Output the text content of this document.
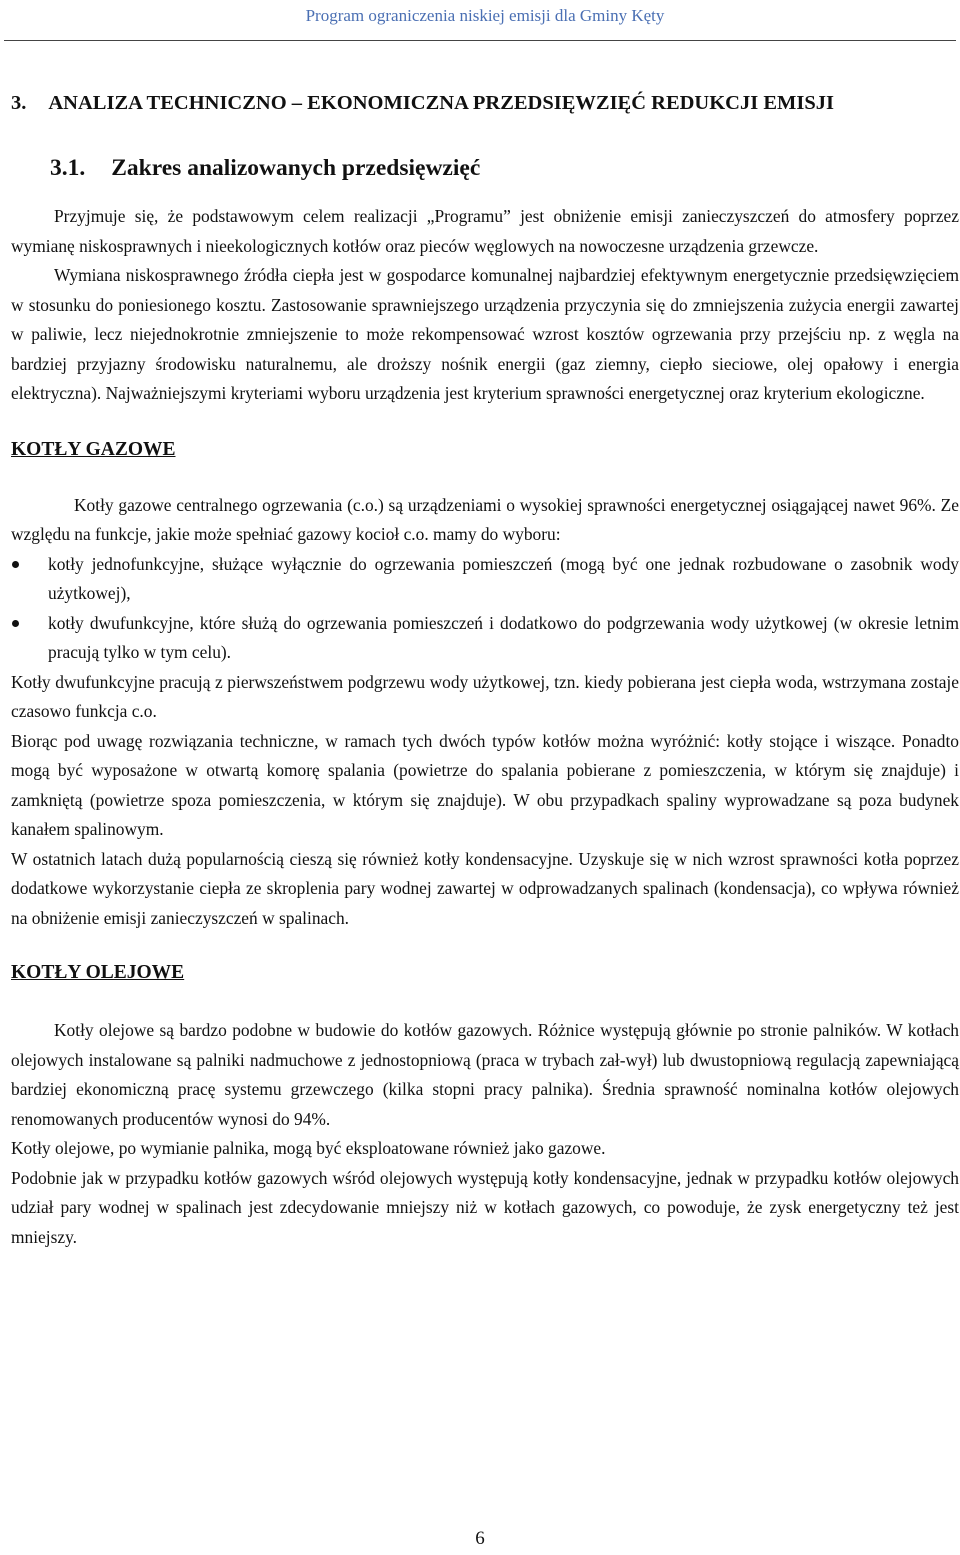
Program ograniczenia niskiej emisji dla Gminy Kęty
3. ANALIZA TECHNICZNO – EKONOMICZNA PRZEDSIĘWZIĘĆ REDUKCJI EMISJI
3.1. Zakres analizowanych przedsięwzięć

Przyjmuje się, że podstawowym celem realizacji „Programu” jest obniżenie emisji zanieczyszczeń do atmosfery poprzez wymianę niskosprawnych i nieekologicznych kotłów oraz pieców węglowych na nowoczesne urządzenia grzewcze.

Wymiana niskosprawnego źródła ciepła jest w gospodarce komunalnej najbardziej efektywnym energetycznie przedsięwzięciem w stosunku do poniesionego kosztu. Zastosowanie sprawniejszego urządzenia przyczynia się do zmniejszenia zużycia energii zawartej w paliwie, lecz niejednokrotnie zmniejszenie to może rekompensować wzrost kosztów ogrzewania przy przejściu np. z węgla na bardziej przyjazny środowisku naturalnemu, ale droższy nośnik energii (gaz ziemny, ciepło sieciowe, olej opałowy i energia elektryczna). Najważniejszymi kryteriami wyboru urządzenia jest kryterium sprawności energetycznej oraz kryterium ekologiczne.

KOTŁY GAZOWE

Kotły gazowe centralnego ogrzewania (c.o.) są urządzeniami o wysokiej sprawności energetycznej osiągającej nawet 96%. Ze względu na funkcje, jakie może spełniać gazowy kocioł c.o. mamy do wyboru:

kotły jednofunkcyjne, służące wyłącznie do ogrzewania pomieszczeń (mogą być one jednak rozbudowane o zasobnik wody użytkowej),
kotły dwufunkcyjne, które służą do ogrzewania pomieszczeń i dodatkowo do podgrzewania wody użytkowej (w okresie letnim pracują tylko w tym celu).

Kotły dwufunkcyjne pracują z pierwszeństwem podgrzewu wody użytkowej, tzn. kiedy pobierana jest ciepła woda, wstrzymana zostaje czasowo funkcja c.o.

Biorąc pod uwagę rozwiązania techniczne, w ramach tych dwóch typów kotłów można wyróżnić: kotły stojące i wiszące. Ponadto mogą być wyposażone w otwartą komorę spalania (powietrze do spalania pobierane z pomieszczenia, w którym się znajduje) i zamkniętą (powietrze spoza pomieszczenia, w którym się znajduje). W obu przypadkach spaliny wyprowadzane są poza budynek kanałem spalinowym.

W ostatnich latach dużą popularnością cieszą się również kotły kondensacyjne. Uzyskuje się w nich wzrost sprawności kotła poprzez dodatkowe wykorzystanie ciepła ze skroplenia pary wodnej zawartej w odprowadzanych spalinach (kondensacja), co wpływa również na obniżenie emisji zanieczyszczeń w spalinach.

KOTŁY OLEJOWE

Kotły olejowe są bardzo podobne w budowie do kotłów gazowych. Różnice występują głównie po stronie palników. W kotłach olejowych instalowane są palniki nadmuchowe z jednostopniową (praca w trybach zał-wył) lub dwustopniową regulacją zapewniającą bardziej ekonomiczną pracę systemu grzewczego (kilka stopni pracy palnika). Średnia sprawność nominalna kotłów olejowych renomowanych producentów wynosi do 94%.

Kotły olejowe, po wymianie palnika, mogą być eksploatowane również jako gazowe.

Podobnie jak w przypadku kotłów gazowych wśród olejowych występują kotły kondensacyjne, jednak w przypadku kotłów olejowych udział pary wodnej w spalinach jest zdecydowanie mniejszy niż w kotłach gazowych, co powoduje, że zysk energetyczny też jest mniejszy.

6
